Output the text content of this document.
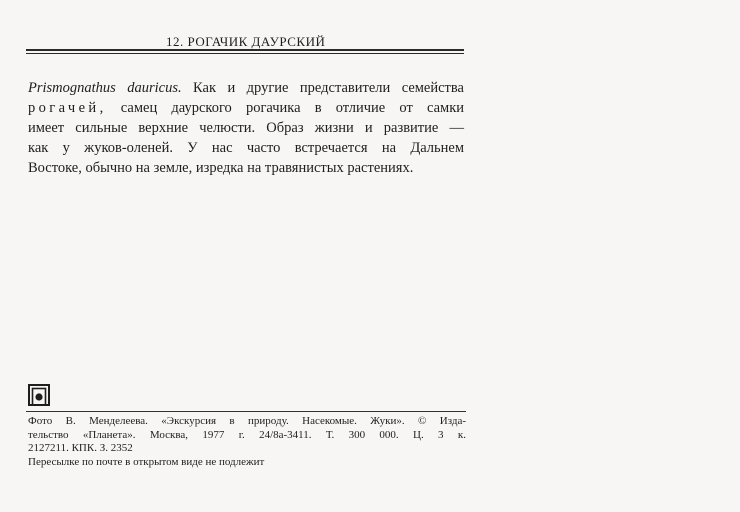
12. РОГАЧИК ДАУРСКИЙ
Prismognathus dauricus. Как и другие представители семейства
рогачей, самец даурского рогачика в отличие от самки
имеет сильные верхние челюсти. Образ жизни и развитие —
как у жуков-оленей. У нас часто встречается на Дальнем
Востоке, обычно на земле, изредка на травянистых растениях.
Фото В. Менделеева. «Экскурсия в природу. Насекомые. Жуки». © Изда-
тельство «Планета». Москва, 1977 г. 24/8а-3411. Т. 300 000. Ц. 3 к.
2127211. КПК. З. 2352
Пересылке по почте в открытом виде не подлежит
